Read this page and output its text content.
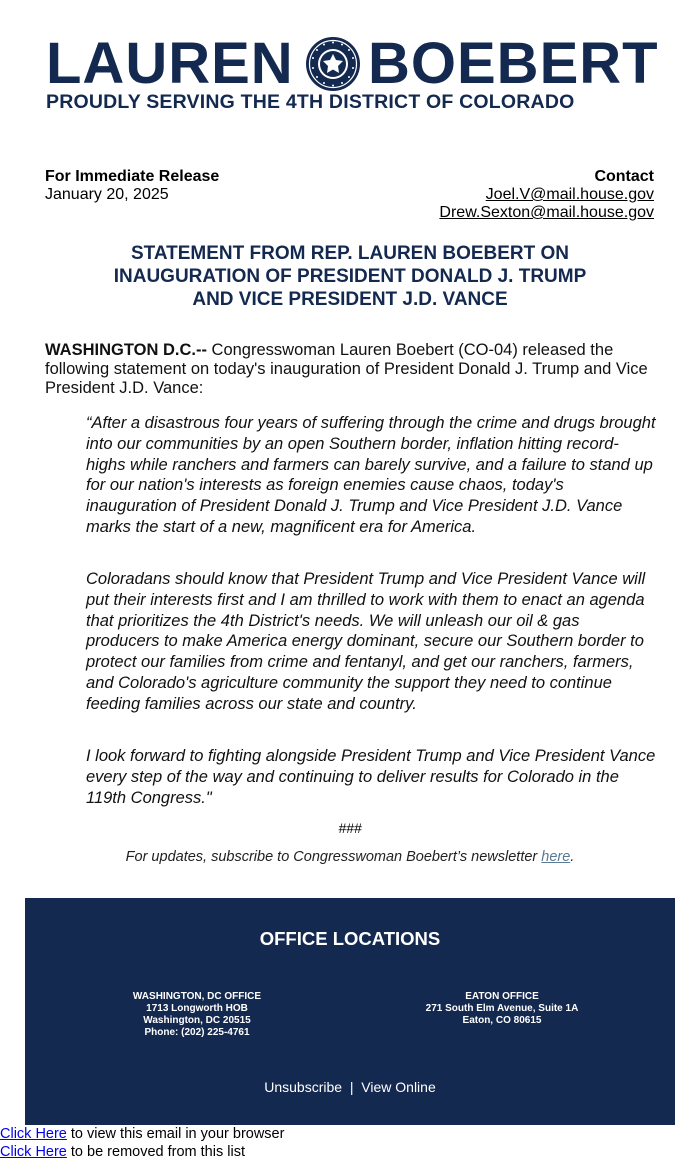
LAUREN BOEBERT
PROUDLY SERVING THE 4TH DISTRICT OF COLORADO
For Immediate Release
January 20, 2025
Contact
Joel.V@mail.house.gov
Drew.Sexton@mail.house.gov
STATEMENT FROM REP. LAUREN BOEBERT ON
INAUGURATION OF PRESIDENT DONALD J. TRUMP
AND VICE PRESIDENT J.D. VANCE
WASHINGTON D.C.-- Congresswoman Lauren Boebert (CO-04) released the following statement on today's inauguration of President Donald J. Trump and Vice President J.D. Vance:
“After a disastrous four years of suffering through the crime and drugs brought into our communities by an open Southern border, inflation hitting record-highs while ranchers and farmers can barely survive, and a failure to stand up for our nation's interests as foreign enemies cause chaos, today's inauguration of President Donald J. Trump and Vice President J.D. Vance marks the start of a new, magnificent era for America.
Coloradans should know that President Trump and Vice President Vance will put their interests first and I am thrilled to work with them to enact an agenda that prioritizes the 4th District's needs. We will unleash our oil & gas producers to make America energy dominant, secure our Southern border to protect our families from crime and fentanyl, and get our ranchers, farmers, and Colorado's agriculture community the support they need to continue feeding families across our state and country.
I look forward to fighting alongside President Trump and Vice President Vance every step of the way and continuing to deliver results for Colorado in the 119th Congress."
###
For updates, subscribe to Congresswoman Boebert’s newsletter here.
OFFICE LOCATIONS
WASHINGTON, DC OFFICE
1713 Longworth HOB
Washington, DC 20515
Phone: (202) 225-4761
EATON OFFICE
271 South Elm Avenue, Suite 1A
Eaton, CO 80615
Unsubscribe | View Online
Click Here to view this email in your browser
Click Here to be removed from this list
